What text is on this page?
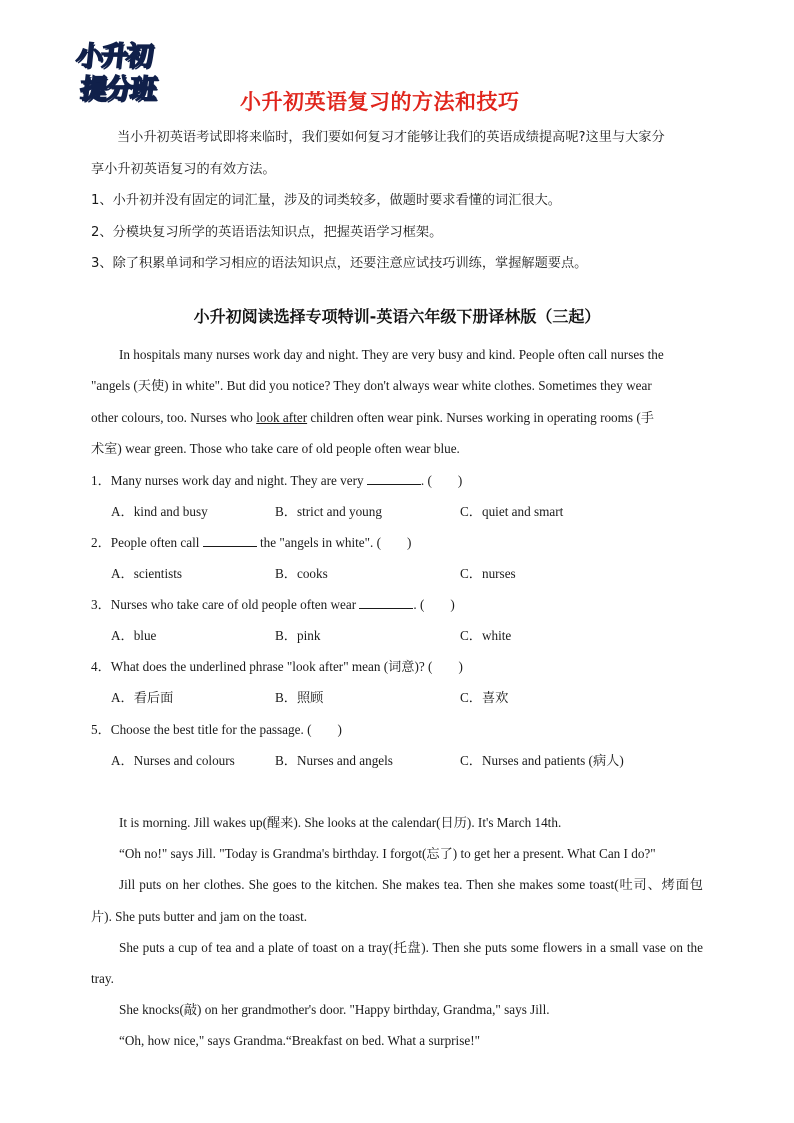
小升初
提分班	小升初英语复习的方法和技巧

当小升初英语考试即将来临时，我们要如何复习才能够让我们的英语成绩提高呢?这里与大家分

享小升初英语复习的有效方法。

1、小升初并没有固定的词汇量，涉及的词类较多，做题时要求看懂的词汇很大。

2、分模块复习所学的英语语法知识点，把握英语学习框架。

3、除了积累单词和学习相应的语法知识点，还要注意应试技巧训练，掌握解题要点。

小升初阅读选择专项特训-英语六年级下册译林版（三起）

In hospitals many nurses work day and night. They are very busy and kind. People often call nurses the

"angels (天使) in white". But did you notice? They don't always wear white clothes. Sometimes they wear

other colours, too. Nurses who look after children often wear pink. Nurses working in operating rooms (手

术室) wear green. Those who take care of old people often wear blue.

1．Many nurses work day and night. They are very	. ( )
A．kind and busy	B．strict and young	C．quiet and smart
2．People often call	the "angels in white". ( )
A．scientists	B．cooks	C．nurses
3．Nurses who take care of old people often wear	. ( )
A．blue	B．pink	C．white
4．What does the underlined phrase "look after" mean (词意)? ( )
A．看后面	B．照顾	C．喜欢
5．Choose the best title for the passage. ( )
A．Nurses and colours	B．Nurses and angels	C．Nurses and patients (病人)

It is morning. Jill wakes up(醒来). She looks at the calendar(日历). It's March 14th.

“Oh no!" says Jill. "Today is Grandma's birthday. I forgot(忘了) to get her a present. What Can I do?"

Jill puts on her clothes. She goes to the kitchen. She makes tea. Then she makes some toast(吐司、烤面包片). She puts butter and jam on the toast.

She puts a cup of tea and a plate of toast on a tray(托盘). Then she puts some flowers in a small vase on the tray.

She knocks(敲) on her grandmother's door. "Happy birthday, Grandma," says Jill.

“Oh, how nice," says Grandma.“Breakfast on bed. What a surprise!"
